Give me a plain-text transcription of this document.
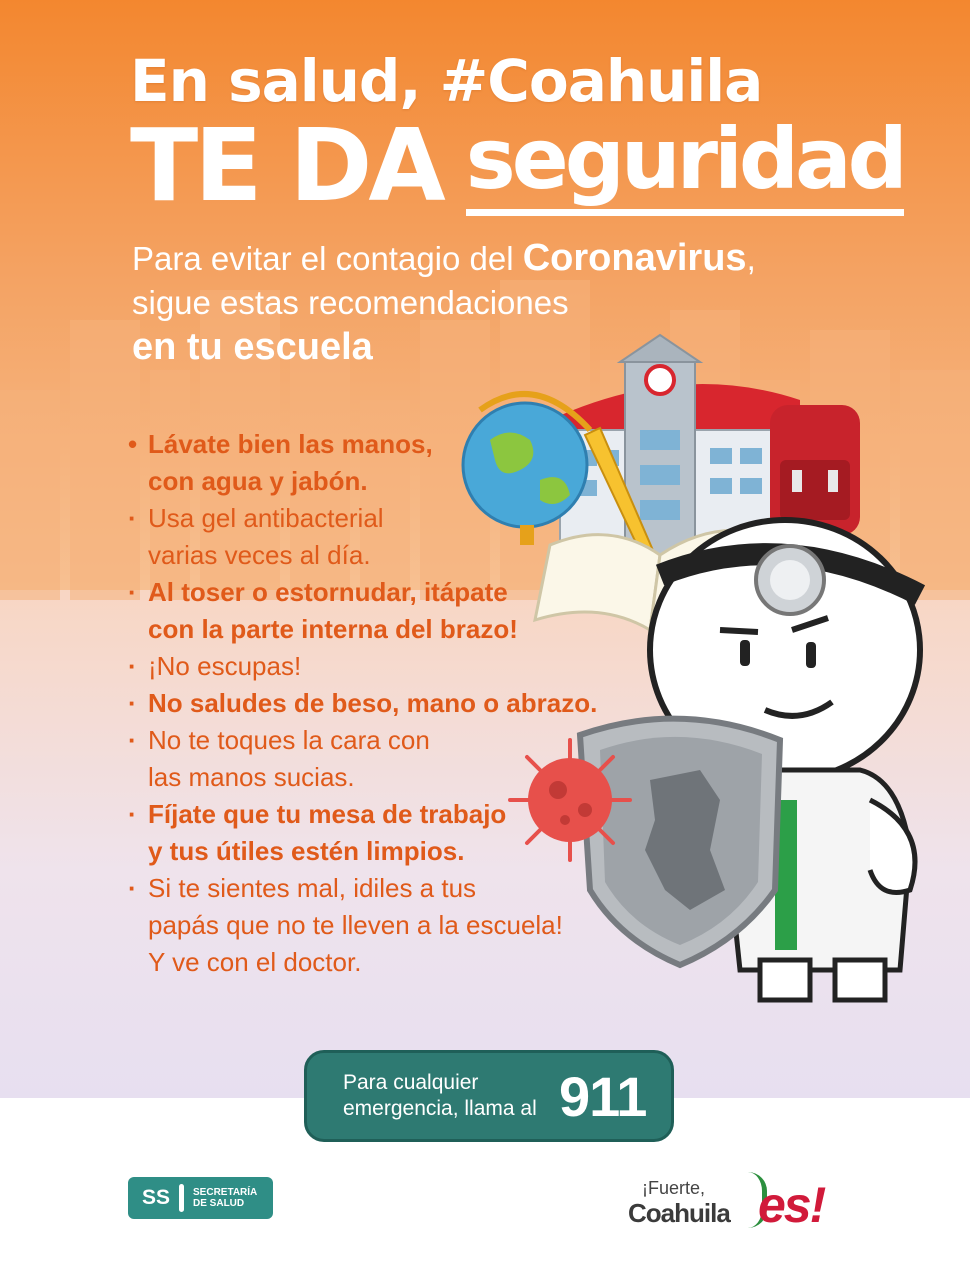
En salud, #Coahuila
TE DA seguridad
Para evitar el contagio del Coronavirus,
sigue estas recomendaciones
en tu escuela
• Lávate bien las manos,
con agua y jabón.
· Usa gel antibacterial
varias veces al día.
· Al toser o estornudar, itápate
con la parte interna del brazo!
· ¡No escupas!
· No saludes de beso, mano o abrazo.
· No te toques la cara con
las manos sucias.
· Fíjate que tu mesa de trabajo
y tus útiles estén limpios.
· Si te sientes mal, idiles a tus
papás que no te lleven a la escuela!
Y ve con el doctor.
Para cualquier emergencia, llama al 911
SS SECRETARÍA
DE SALUD
¡Fuerte,
Coahuila es!
